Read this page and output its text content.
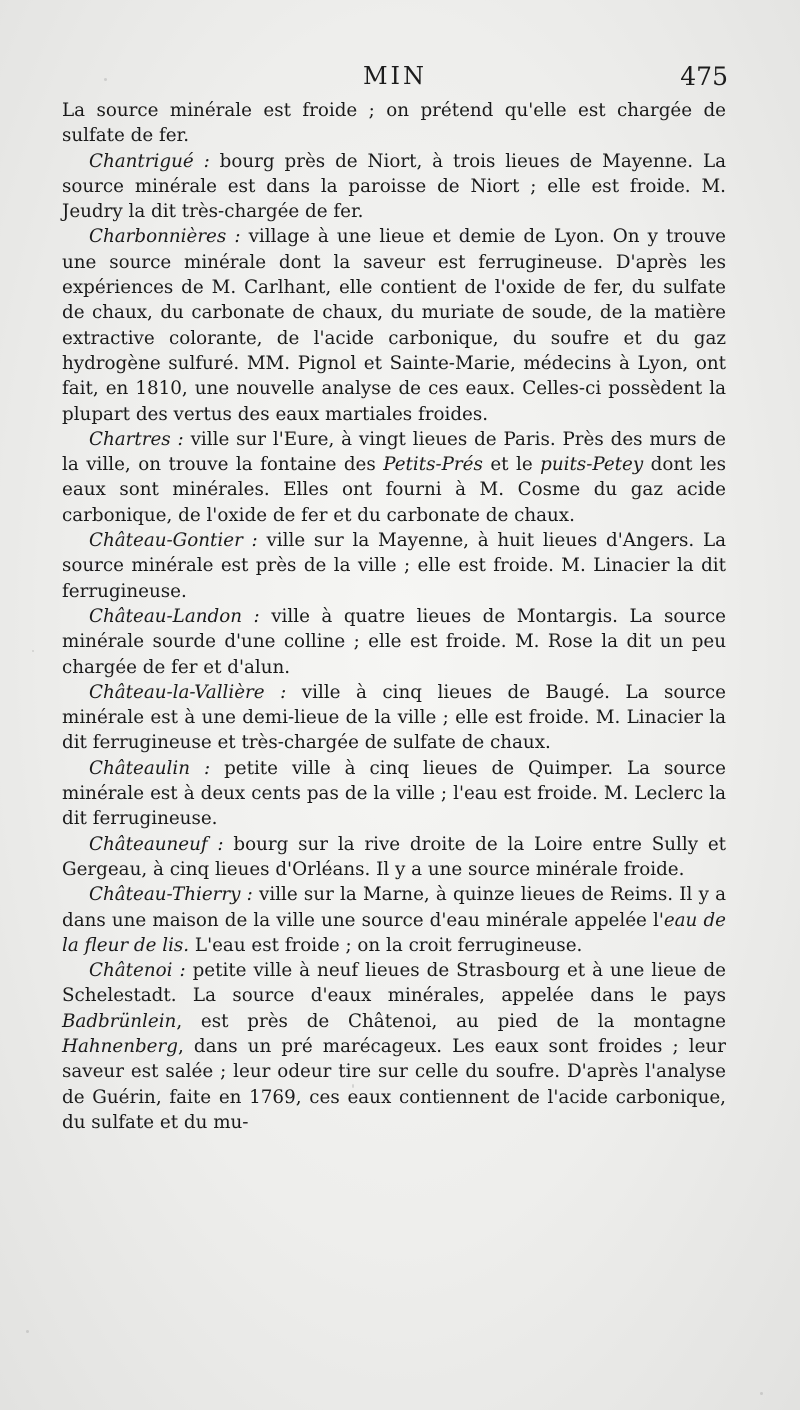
MIN	475

La source minérale est froide ; on prétend qu'elle est chargée de sulfate de fer.

Chantrigué : bourg près de Niort, à trois lieues de Mayenne. La source minérale est dans la paroisse de Niort ; elle est froide. M. Jeudry la dit très-chargée de fer.

Charbonnières : village à une lieue et demie de Lyon. On y trouve une source minérale dont la saveur est ferrugineuse. D'après les expériences de M. Carlhant, elle contient de l'oxide de fer, du sulfate de chaux, du carbonate de chaux, du muriate de soude, de la matière extractive colorante, de l'acide carbonique, du soufre et du gaz hydrogène sulfuré. MM. Pignol et Sainte-Marie, médecins à Lyon, ont fait, en 1810, une nouvelle analyse de ces eaux. Celles-ci possèdent la plupart des vertus des eaux martiales froides.

Chartres : ville sur l'Eure, à vingt lieues de Paris. Près des murs de la ville, on trouve la fontaine des Petits-Prés et le puits-Petey dont les eaux sont minérales. Elles ont fourni à M. Cosme du gaz acide carbonique, de l'oxide de fer et du carbonate de chaux.

Château-Gontier : ville sur la Mayenne, à huit lieues d'Angers. La source minérale est près de la ville ; elle est froide. M. Linacier la dit ferrugineuse.

Château-Landon : ville à quatre lieues de Montargis. La source minérale sourde d'une colline ; elle est froide. M. Rose la dit un peu chargée de fer et d'alun.

Château-la-Vallière : ville à cinq lieues de Baugé. La source minérale est à une demi-lieue de la ville ; elle est froide. M. Linacier la dit ferrugineuse et très-chargée de sulfate de chaux.

Châteaulin : petite ville à cinq lieues de Quimper. La source minérale est à deux cents pas de la ville ; l'eau est froide. M. Leclerc la dit ferrugineuse.

Châteauneuf : bourg sur la rive droite de la Loire entre Sully et Gergeau, à cinq lieues d'Orléans. Il y a une source minérale froide.

Château-Thierry : ville sur la Marne, à quinze lieues de Reims. Il y a dans une maison de la ville une source d'eau minérale appelée l'eau de la fleur de lis. L'eau est froide ; on la croit ferrugineuse.

Châtenoi : petite ville à neuf lieues de Strasbourg et à une lieue de Schelestadt. La source d'eaux minérales, appelée dans le pays Badbrünlein, est près de Châtenoi, au pied de la montagne Hahnenberg, dans un pré marécageux. Les eaux sont froides ; leur saveur est salée ; leur odeur tire sur celle du soufre. D'après l'analyse de Guérin, faite en 1769, ces eaux contiennent de l'acide carbonique, du sulfate et du mu-
